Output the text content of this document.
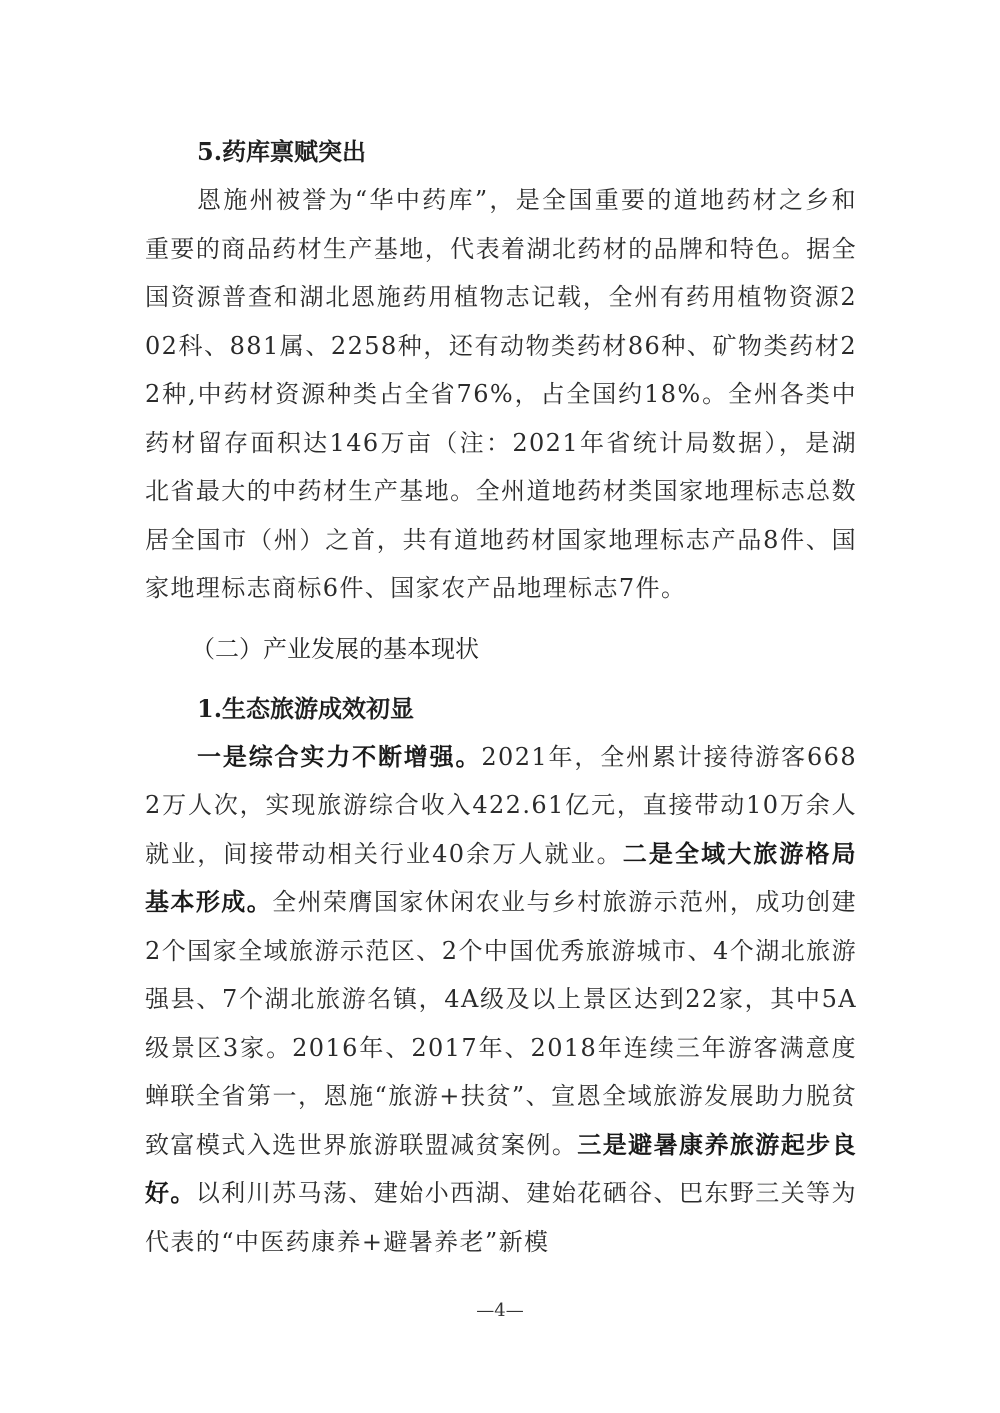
5.药库禀赋突出

恩施州被誉为“华中药库”，是全国重要的道地药材之乡和重要的商品药材生产基地，代表着湖北药材的品牌和特色。据全国资源普查和湖北恩施药用植物志记载，全州有药用植物资源202科、881属、2258种，还有动物类药材86种、矿物类药材22种,中药材资源种类占全省76%，占全国约18%。全州各类中药材留存面积达146万亩（注：2021年省统计局数据），是湖北省最大的中药材生产基地。全州道地药材类国家地理标志总数居全国市（州）之首，共有道地药材国家地理标志产品8件、国家地理标志商标6件、国家农产品地理标志7件。

（二）产业发展的基本现状
1.生态旅游成效初显

一是综合实力不断增强。2021年，全州累计接待游客6682万人次，实现旅游综合收入422.61亿元，直接带动10万余人就业，间接带动相关行业40余万人就业。二是全域大旅游格局基本形成。全州荣膺国家休闲农业与乡村旅游示范州，成功创建2个国家全域旅游示范区、2个中国优秀旅游城市、4个湖北旅游强县、7个湖北旅游名镇，4A级及以上景区达到22家，其中5A级景区3家。2016年、2017年、2018年连续三年游客满意度蝉联全省第一，恩施“旅游+扶贫”、宣恩全域旅游发展助力脱贫致富模式入选世界旅游联盟减贫案例。三是避暑康养旅游起步良好。以利川苏马荡、建始小西湖、建始花硒谷、巴东野三关等为代表的“中医药康养+避暑养老”新模

—4—
